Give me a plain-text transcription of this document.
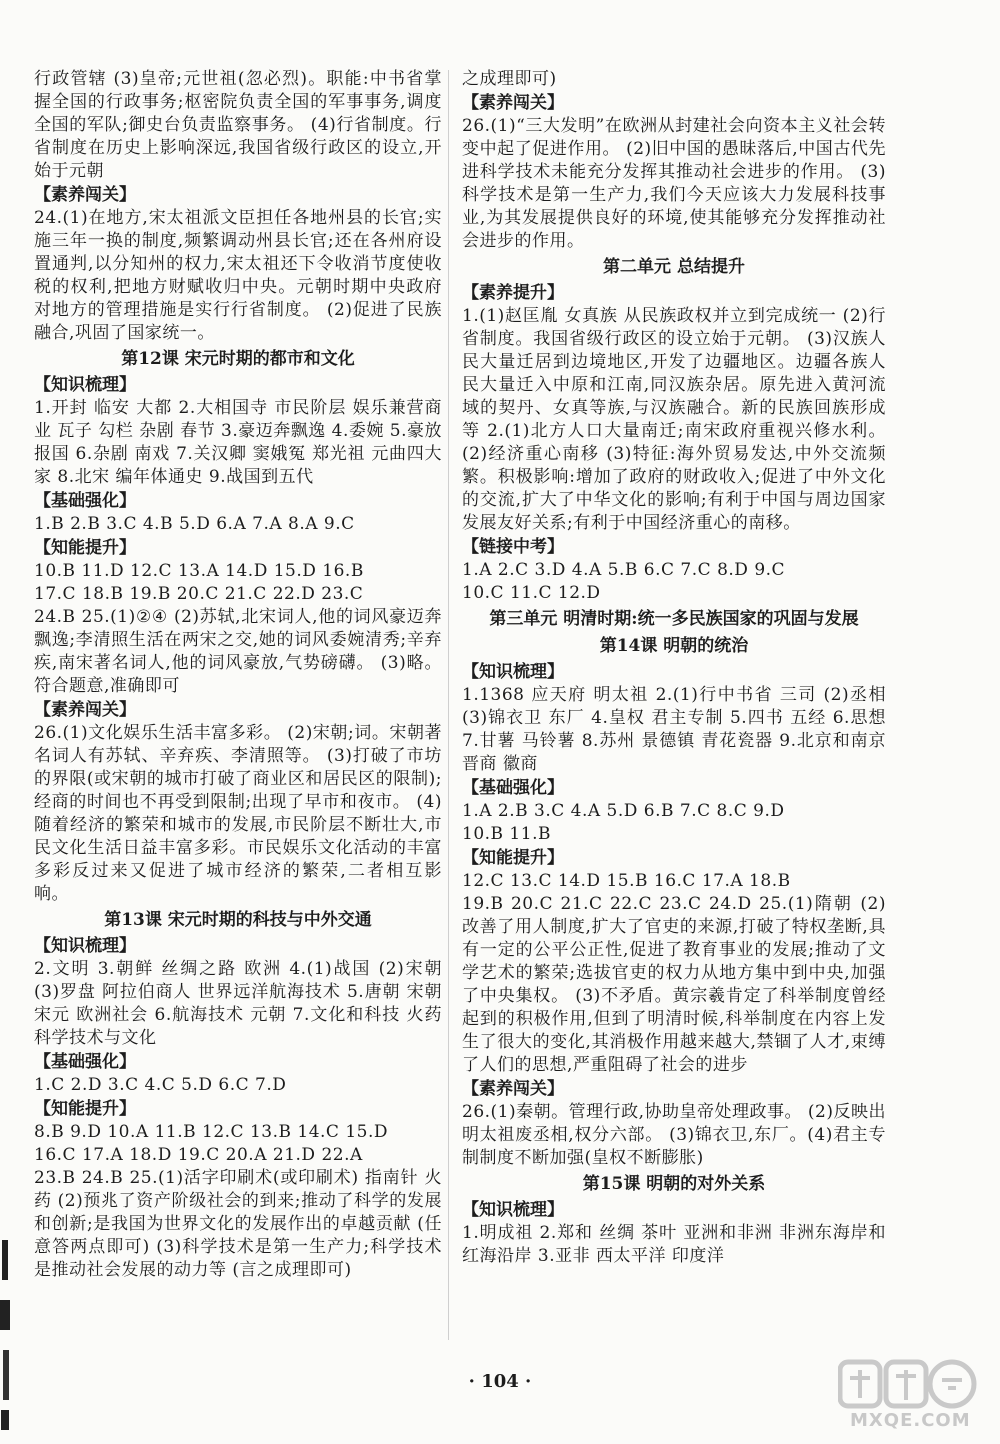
行政管辖 (3)皇帝;元世祖(忽必烈)。职能:中书省掌握全国的行政事务;枢密院负责全国的军事事务,调度全国的军队;御史台负责监察事务。 (4)行省制度。行省制度在历史上影响深远,我国省级行政区的设立,开始于元朝
【素养闯关】
24.(1)在地方,宋太祖派文臣担任各地州县的长官;实施三年一换的制度,频繁调动州县长官;还在各州府设置通判,以分知州的权力,宋太祖还下令收消节度使收税的权利,把地方财赋收归中央。元朝时期中央政府对地方的管理措施是实行行省制度。 (2)促进了民族融合,巩固了国家统一。
第12课 宋元时期的都市和文化
【知识梳理】
1.开封 临安 大都 2.大相国寺 市民阶层 娱乐兼营商业 瓦子 勾栏 杂剧 春节 3.豪迈奔飘逸 4.委婉 5.豪放 报国 6.杂剧 南戏 7.关汉卿 窦娥冤 郑光祖 元曲四大家 8.北宋 编年体通史 9.战国到五代
【基础强化】
1.B 2.B 3.C 4.B 5.D 6.A 7.A 8.A 9.C
【知能提升】
10.B 11.D 12.C 13.A 14.D 15.D 16.B
17.C 18.B 19.B 20.C 21.C 22.D 23.C
24.B 25.(1)②④ (2)苏轼,北宋词人,他的词风豪迈奔飘逸;李清照生活在两宋之交,她的词风委婉清秀;辛弃疾,南宋著名词人,他的词风豪放,气势磅礴。 (3)略。符合题意,准确即可
【素养闯关】
26.(1)文化娱乐生活丰富多彩。 (2)宋朝;词。宋朝著名词人有苏轼、辛弃疾、李清照等。 (3)打破了市坊的界限(或宋朝的城市打破了商业区和居民区的限制);经商的时间也不再受到限制;出现了早市和夜市。 (4)随着经济的繁荣和城市的发展,市民阶层不断壮大,市民文化生活日益丰富多彩。市民娱乐文化活动的丰富多彩反过来又促进了城市经济的繁荣,二者相互影响。
第13课 宋元时期的科技与中外交通
【知识梳理】
2.文明 3.朝鲜 丝绸之路 欧洲 4.(1)战国 (2)宋朝 (3)罗盘 阿拉伯商人 世界远洋航海技术 5.唐朝 宋朝 宋元 欧洲社会 6.航海技术 元朝 7.文化和科技 火药 科学技术与文化
【基础强化】
1.C 2.D 3.C 4.C 5.D 6.C 7.D
【知能提升】
8.B 9.D 10.A 11.B 12.C 13.B 14.C 15.D
16.C 17.A 18.D 19.C 20.A 21.D 22.A
23.B 24.B 25.(1)活字印刷术(或印刷术) 指南针 火药 (2)预兆了资产阶级社会的到来;推动了科学的发展和创新;是我国为世界文化的发展作出的卓越贡献 (任意答两点即可) (3)科学技术是第一生产力;科学技术是推动社会发展的动力等 (言之成理即可)
之成理即可)
【素养闯关】
26.(1)“三大发明”在欧洲从封建社会向资本主义社会转变中起了促进作用。 (2)旧中国的愚昧落后,中国古代先进科学技术未能充分发挥其推动社会进步的作用。 (3)科学技术是第一生产力,我们今天应该大力发展科技事业,为其发展提供良好的环境,使其能够充分发挥推动社会进步的作用。
第二单元 总结提升
【素养提升】
1.(1)赵匡胤 女真族 从民族政权并立到完成统一 (2)行省制度。我国省级行政区的设立始于元朝。 (3)汉族人民大量迁居到边境地区,开发了边疆地区。边疆各族人民大量迁入中原和江南,同汉族杂居。原先进入黄河流域的契丹、女真等族,与汉族融合。新的民族回族形成等 2.(1)北方人口大量南迁;南宋政府重视兴修水利。 (2)经济重心南移 (3)特征:海外贸易发达,中外交流频繁。积极影响:增加了政府的财政收入;促进了中外文化的交流,扩大了中华文化的影响;有利于中国与周边国家发展友好关系;有利于中国经济重心的南移。
【链接中考】
1.A 2.C 3.D 4.A 5.B 6.C 7.C 8.D 9.C
10.C 11.C 12.D
第三单元 明清时期:统一多民族国家的巩固与发展
第14课 明朝的统治
【知识梳理】
1.1368 应天府 明太祖 2.(1)行中书省 三司 (2)丞相 (3)锦衣卫 东厂 4.皇权 君主专制 5.四书 五经 6.思想 7.甘薯 马铃薯 8.苏州 景德镇 青花瓷器 9.北京和南京 晋商 徽商
【基础强化】
1.A 2.B 3.C 4.A 5.D 6.B 7.C 8.C 9.D
10.B 11.B
【知能提升】
12.C 13.C 14.D 15.B 16.C 17.A 18.B
19.B 20.C 21.C 22.C 23.C 24.D 25.(1)隋朝 (2)改善了用人制度,扩大了官吏的来源,打破了特权垄断,具有一定的公平公正性,促进了教育事业的发展;推动了文学艺术的繁荣;选拔官吏的权力从地方集中到中央,加强了中央集权。 (3)不矛盾。黄宗羲肯定了科举制度曾经起到的积极作用,但到了明清时候,科举制度在内容上发生了很大的变化,其消极作用越来越大,禁锢了人才,束缚了人们的思想,严重阻碍了社会的进步
【素养闯关】
26.(1)秦朝。管理行政,协助皇帝处理政事。 (2)反映出明太祖废丞相,权分六部。 (3)锦衣卫,东厂。(4)君主专制制度不断加强(皇权不断膨胀)
第15课 明朝的对外关系
【知识梳理】
1.明成祖 2.郑和 丝绸 茶叶 亚洲和非洲 非洲东海岸和红海沿岸 3.亚非 西太平洋 印度洋
· 104 ·
MXQE.COM
